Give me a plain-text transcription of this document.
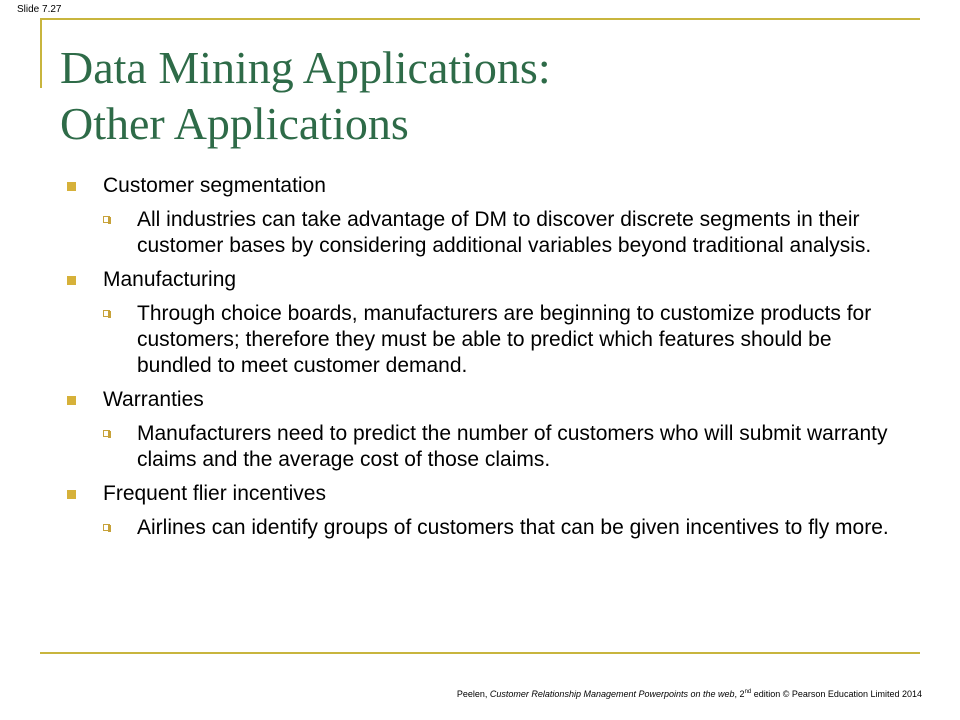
Slide 7.27
Data Mining Applications:
Other Applications
Customer segmentation
All industries can take advantage of DM to discover discrete segments in their customer bases by considering additional variables beyond traditional analysis.
Manufacturing
Through choice boards, manufacturers are beginning to customize products for customers; therefore they must be able to predict which features should be bundled to meet customer demand.
Warranties
Manufacturers need to predict the number of customers who will submit warranty claims and the average cost of those claims.
Frequent flier incentives
Airlines can identify groups of customers that can be given incentives to fly more.
Peelen, Customer Relationship Management Powerpoints on the web, 2nd edition © Pearson Education Limited 2014
